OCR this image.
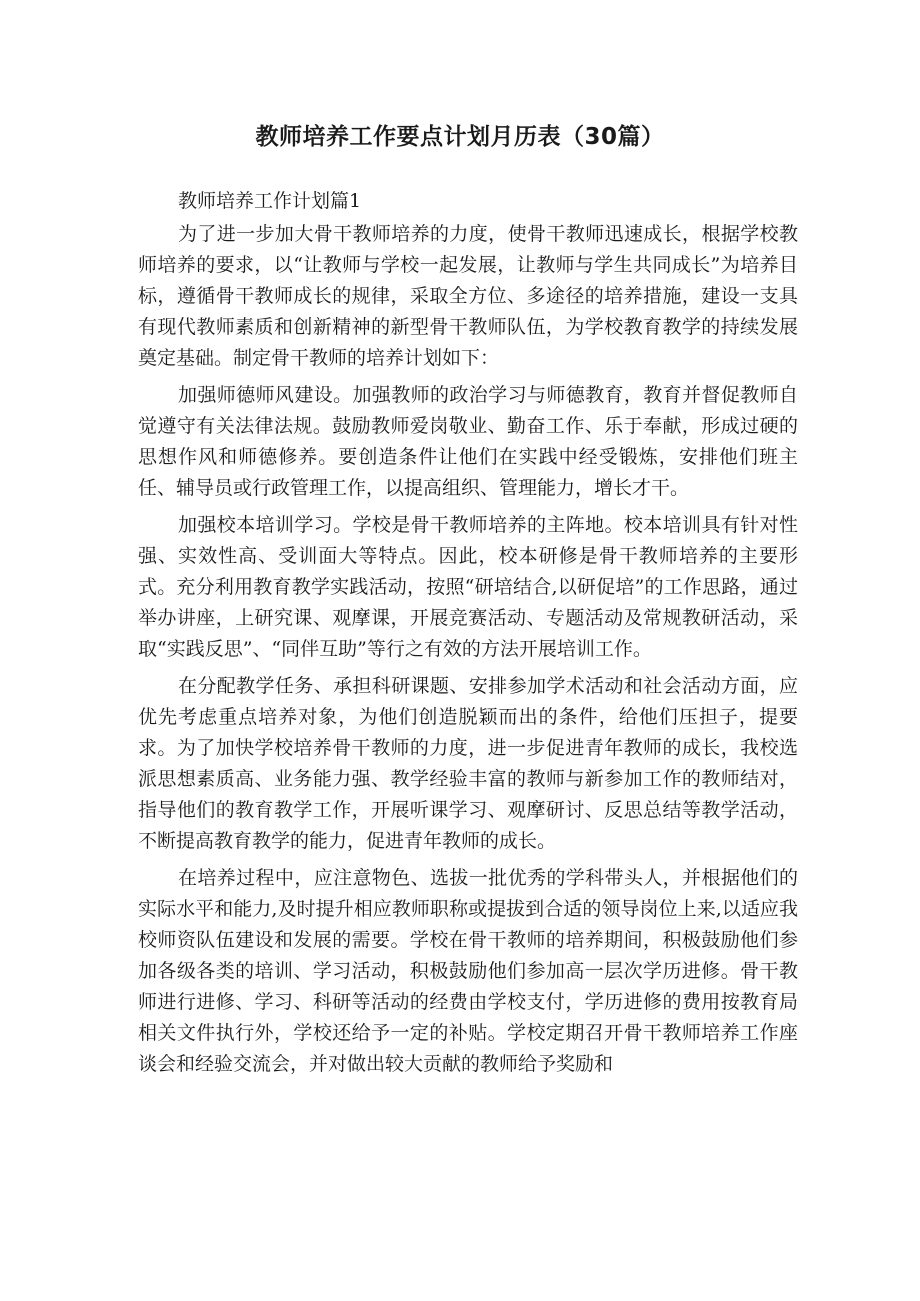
教师培养工作要点计划月历表（30篇）

教师培养工作计划篇1

为了进一步加大骨干教师培养的力度，使骨干教师迅速成长，根据学校教师培养的要求，以“让教师与学校一起发展，让教师与学生共同成长”为培养目标，遵循骨干教师成长的规律，采取全方位、多途径的培养措施，建设一支具有现代教师素质和创新精神的新型骨干教师队伍，为学校教育教学的持续发展奠定基础。制定骨干教师的培养计划如下：

加强师德师风建设。加强教师的政治学习与师德教育，教育并督促教师自觉遵守有关法律法规。鼓励教师爱岗敬业、勤奋工作、乐于奉献，形成过硬的思想作风和师德修养。要创造条件让他们在实践中经受锻炼，安排他们班主任、辅导员或行政管理工作，以提高组织、管理能力，增长才干。

加强校本培训学习。学校是骨干教师培养的主阵地。校本培训具有针对性强、实效性高、受训面大等特点。因此，校本研修是骨干教师培养的主要形式。充分利用教育教学实践活动，按照“研培结合,以研促培”的工作思路，通过举办讲座，上研究课、观摩课，开展竞赛活动、专题活动及常规教研活动，采取“实践反思”、“同伴互助”等行之有效的方法开展培训工作。

在分配教学任务、承担科研课题、安排参加学术活动和社会活动方面，应优先考虑重点培养对象，为他们创造脱颖而出的条件，给他们压担子，提要求。为了加快学校培养骨干教师的力度，进一步促进青年教师的成长，我校选派思想素质高、业务能力强、教学经验丰富的教师与新参加工作的教师结对，指导他们的教育教学工作，开展听课学习、观摩研讨、反思总结等教学活动，不断提高教育教学的能力，促进青年教师的成长。

在培养过程中，应注意物色、选拔一批优秀的学科带头人，并根据他们的实际水平和能力,及时提升相应教师职称或提拔到合适的领导岗位上来,以适应我校师资队伍建设和发展的需要。学校在骨干教师的培养期间，积极鼓励他们参加各级各类的培训、学习活动，积极鼓励他们参加高一层次学历进修。骨干教师进行进修、学习、科研等活动的经费由学校支付，学历进修的费用按教育局相关文件执行外，学校还给予一定的补贴。学校定期召开骨干教师培养工作座谈会和经验交流会，并对做出较大贡献的教师给予奖励和
